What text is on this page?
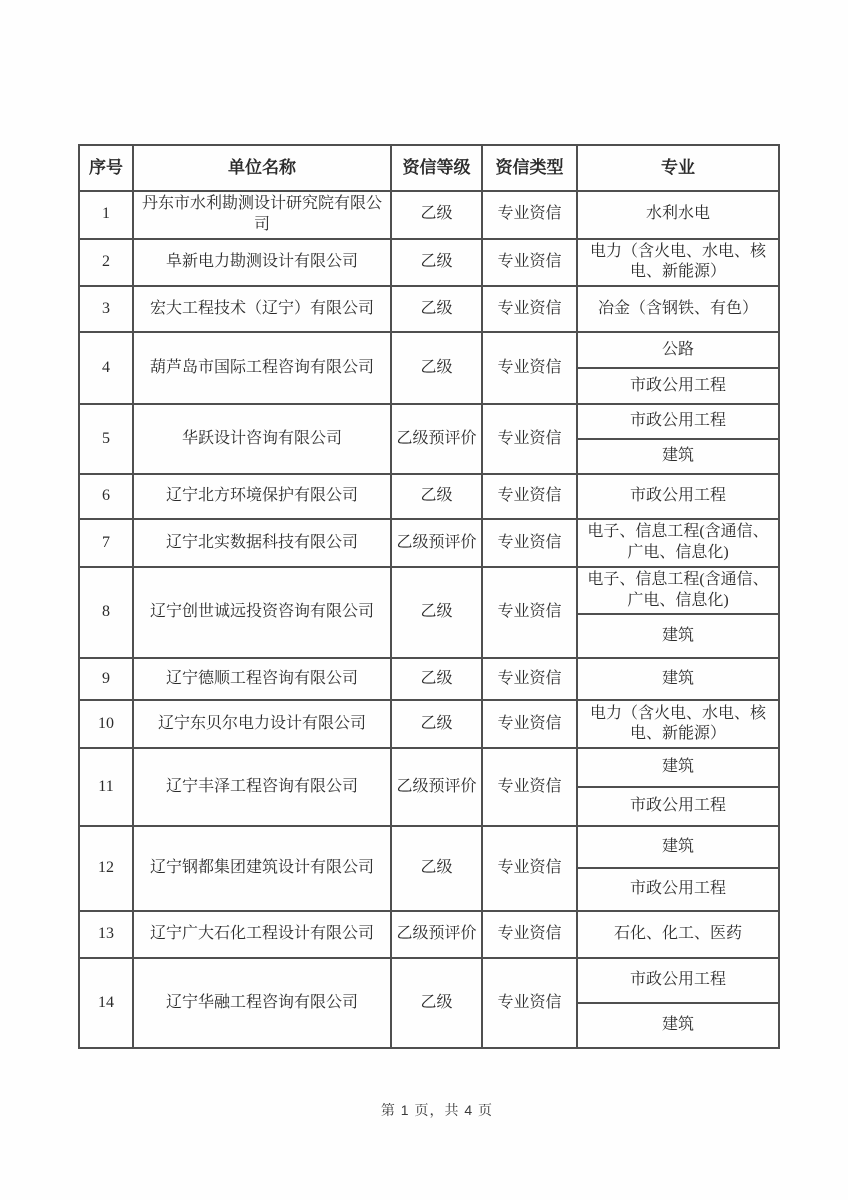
序号	单位名称	资信等级	资信类型	专业
1	丹东市水利勘测设计研究院有限公司	乙级	专业资信	水利水电
2	阜新电力勘测设计有限公司	乙级	专业资信	电力（含火电、水电、核电、新能源）
3	宏大工程技术（辽宁）有限公司	乙级	专业资信	冶金（含钢铁、有色）
4	葫芦岛市国际工程咨询有限公司	乙级	专业资信	公路
				市政公用工程
5	华跃设计咨询有限公司	乙级预评价	专业资信	市政公用工程
				建筑
6	辽宁北方环境保护有限公司	乙级	专业资信	市政公用工程
7	辽宁北实数据科技有限公司	乙级预评价	专业资信	电子、信息工程(含通信、广电、信息化)
8	辽宁创世诚远投资咨询有限公司	乙级	专业资信	电子、信息工程(含通信、广电、信息化)
				建筑
9	辽宁德顺工程咨询有限公司	乙级	专业资信	建筑
10	辽宁东贝尔电力设计有限公司	乙级	专业资信	电力（含火电、水电、核电、新能源）
11	辽宁丰泽工程咨询有限公司	乙级预评价	专业资信	建筑
				市政公用工程
12	辽宁钢都集团建筑设计有限公司	乙级	专业资信	建筑
				市政公用工程
13	辽宁广大石化工程设计有限公司	乙级预评价	专业资信	石化、化工、医药
14	辽宁华融工程咨询有限公司	乙级	专业资信	市政公用工程
				建筑
第 1 页，共 4 页
